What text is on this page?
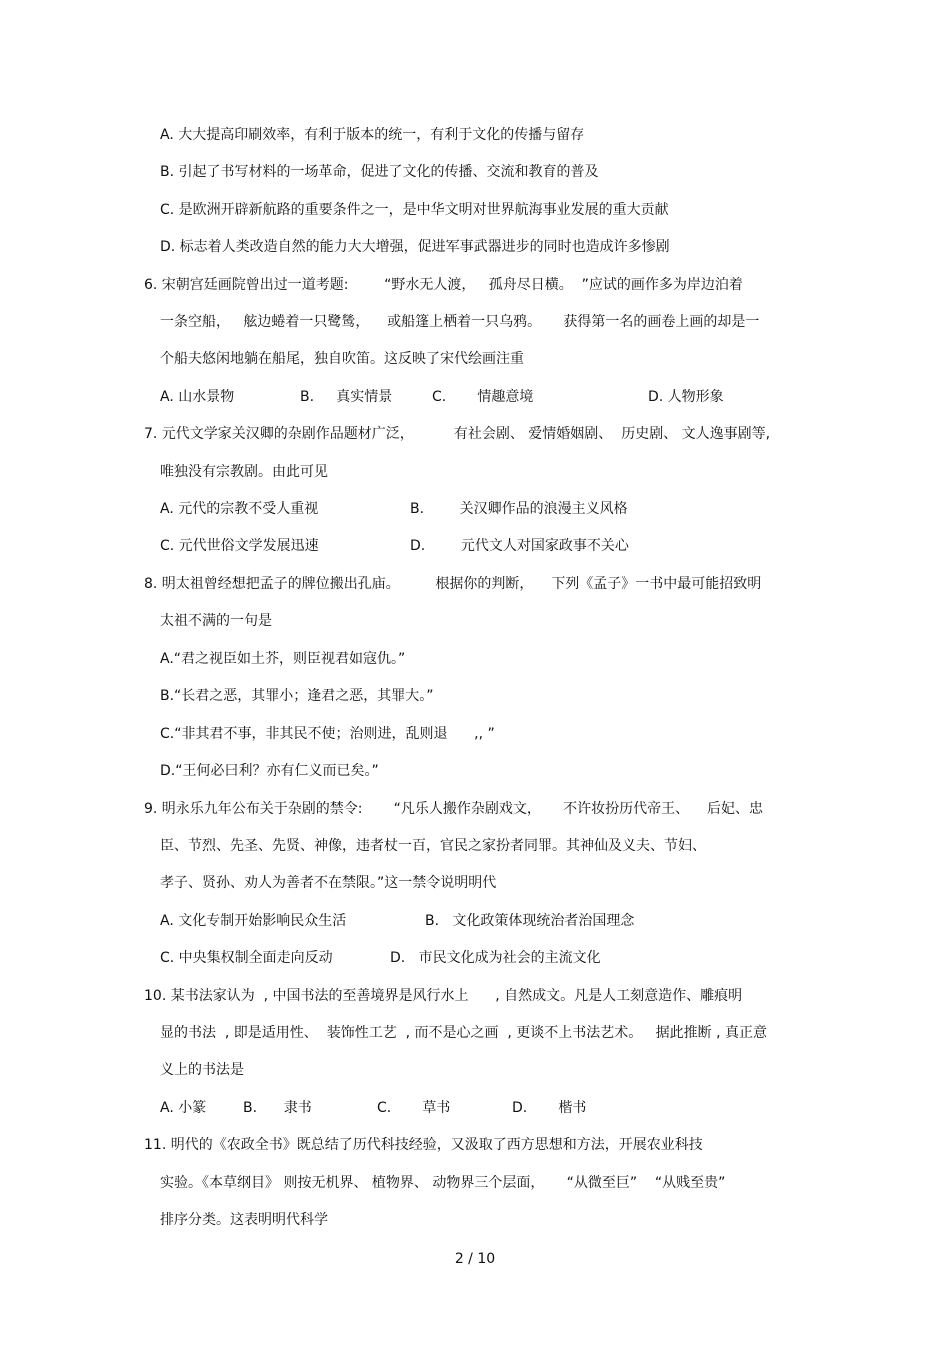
A. 大大提高印刷效率，有利于版本的统一，有利于文化的传播与留存
B. 引起了书写材料的一场革命，促进了文化的传播、交流和教育的普及
C. 是欧洲开辟新航路的重要条件之一，是中华文明对世界航海事业发展的重大贡献
D. 标志着人类改造自然的能力大大增强，促进军事武器进步的同时也造成许多惨剧
6. 宋朝宫廷画院曾出过一道考题:        “野水无人渡，   孤舟尽日横。  ”应试的画作多为岸边泊着
一条空船，   舷边蜷着一只鹭鸶，    或船篷上栖着一只乌鸦。     获得第一名的画卷上画的却是一
个船夫悠闲地躺在船尾，独自吹笛。这反映了宋代绘画注重
A. 山水景物	B.     真实情景	C.       情趣意境	D. 人物形象
7. 元代文学家关汉卿的杂剧作品题材广泛，         有社会剧、 爱情婚姻剧、  历史剧、 文人逸事剧等,
唯独没有宗教剧。由此可见
A. 元代的宗教不受人重视	B.        关汉卿作品的浪漫主义风格
C. 元代世俗文学发展迅速	D.        元代文人对国家政事不关心
8. 明太祖曾经想把孟子的牌位搬出孔庙。        根据你的判断，    下列《孟子》一书中最可能招致明
太祖不满的一句是
A.“君之视臣如土芥，则臣视君如寇仇。”
B.“长君之恶，其罪小；逢君之恶，其罪大。”
C.“非其君不事，非其民不使；治则进，乱则退      ,, ”
D.“王何必曰利？亦有仁义而已矣。”
9. 明永乐九年公布关于杂剧的禁令:       “凡乐人搬作杂剧戏文，     不许妆扮历代帝王、    后妃、忠
臣、节烈、先圣、先贤、神像，违者杖一百，官民之家扮者同罪。其神仙及义夫、节妇、
孝子、贤孙、劝人为善者不在禁限。”这一禁令说明明代
A. 文化专制开始影响民众生活	B.   文化政策体现统治者治国理念
C. 中央集权制全面走向反动	D.   市民文化成为社会的主流文化
10. 某书法家认为  , 中国书法的至善境界是风行水上      , 自然成文。凡是人工刻意造作、雕痕明
显的书法  , 即是适用性、  装饰性工艺  , 而不是心之画  , 更谈不上书法艺术。   据此推断 , 真正意
义上的书法是
A. 小篆	B.      隶书	C.       草书	D.       楷书
11. 明代的《农政全书》既总结了历代科技经验，又汲取了西方思想和方法，开展农业科技
实验。《本草纲目》 则按无机界、 植物界、 动物界三个层面，     “从微至巨”    “从贱至贵”
排序分类。这表明明代科学
2 / 10
